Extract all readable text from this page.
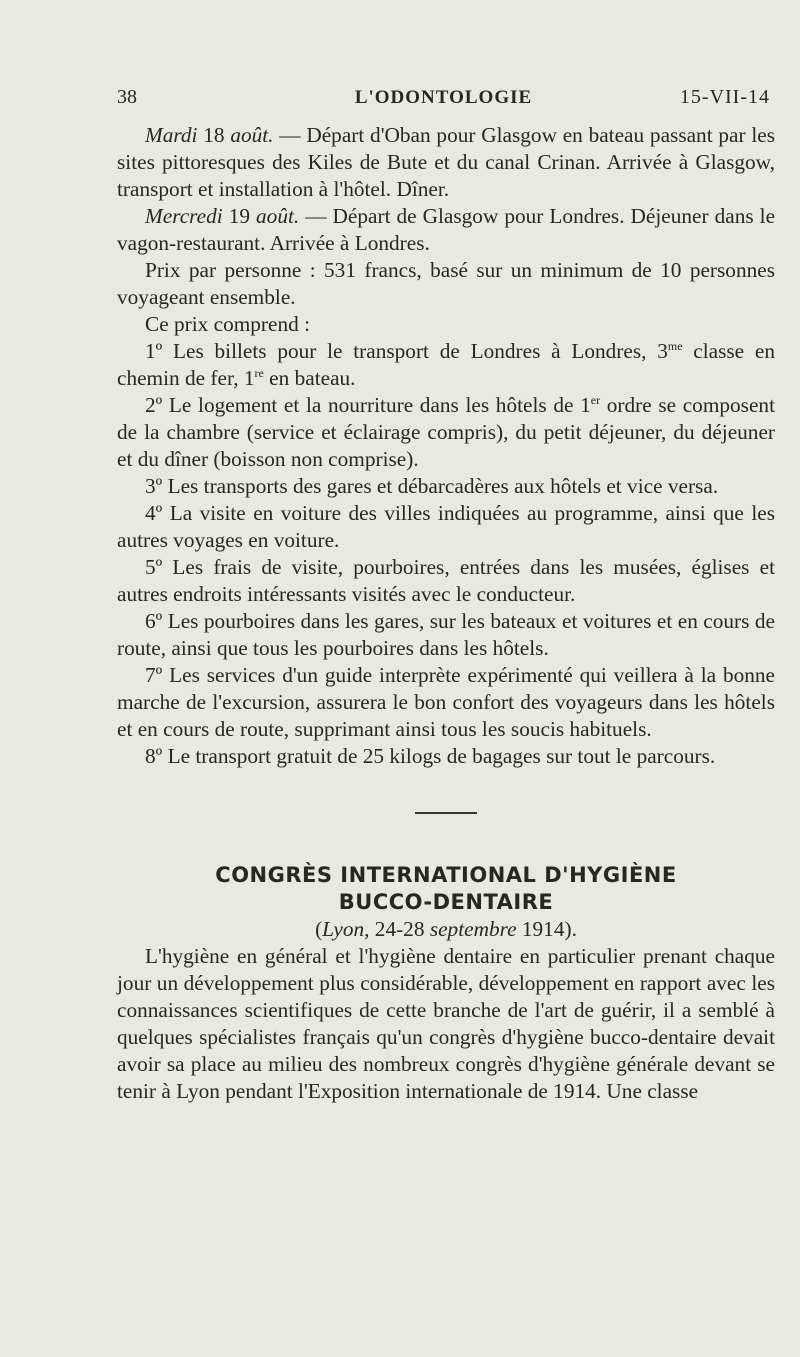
38	L'ODONTOLOGIE	15-VII-14

Mardi 18 août. — Départ d'Oban pour Glasgow en bateau passant par les sites pittoresques des Kiles de Bute et du canal Crinan. Arrivée à Glasgow, transport et installation à l'hôtel. Dîner.

Mercredi 19 août. — Départ de Glasgow pour Londres. Déjeuner dans le vagon-restaurant. Arrivée à Londres.

Prix par personne : 531 francs, basé sur un minimum de 10 personnes voyageant ensemble.

Ce prix comprend :

1º Les billets pour le transport de Londres à Londres, $3^{me}$ classe en chemin de fer, 1re en bateau.

2º Le logement et la nourriture dans les hôtels de 1er ordre se composent de la chambre (service et éclairage compris), du petit déjeuner, du déjeuner et du dîner (boisson non comprise).

3º Les transports des gares et débarcadères aux hôtels et vice versa.

4º La visite en voiture des villes indiquées au programme, ainsi que les autres voyages en voiture.

5º Les frais de visite, pourboires, entrées dans les musées, églises et autres endroits intéressants visités avec le conducteur.

6º Les pourboires dans les gares, sur les bateaux et voitures et en cours de route, ainsi que tous les pourboires dans les hôtels.

7º Les services d'un guide interprète expérimenté qui veillera à la bonne marche de l'excursion, assurera le bon confort des voyageurs dans les hôtels et en cours de route, supprimant ainsi tous les soucis habituels.

8º Le transport gratuit de 25 kilogs de bagages sur tout le parcours.

CONGRÈS INTERNATIONAL D'HYGIÈNE

BUCCO-DENTAIRE

(Lyon, 24-28 septembre 1914).

L'hygiène en général et l'hygiène dentaire en particulier prenant chaque jour un développement plus considérable, développement en rapport avec les connaissances scientifiques de cette branche de l'art de guérir, il a semblé à quelques spécialistes français qu'un congrès d'hygiène bucco-dentaire devait avoir sa place au milieu des nombreux congrès d'hygiène générale devant se tenir à Lyon pendant l'Exposition internationale de 1914. Une classe
